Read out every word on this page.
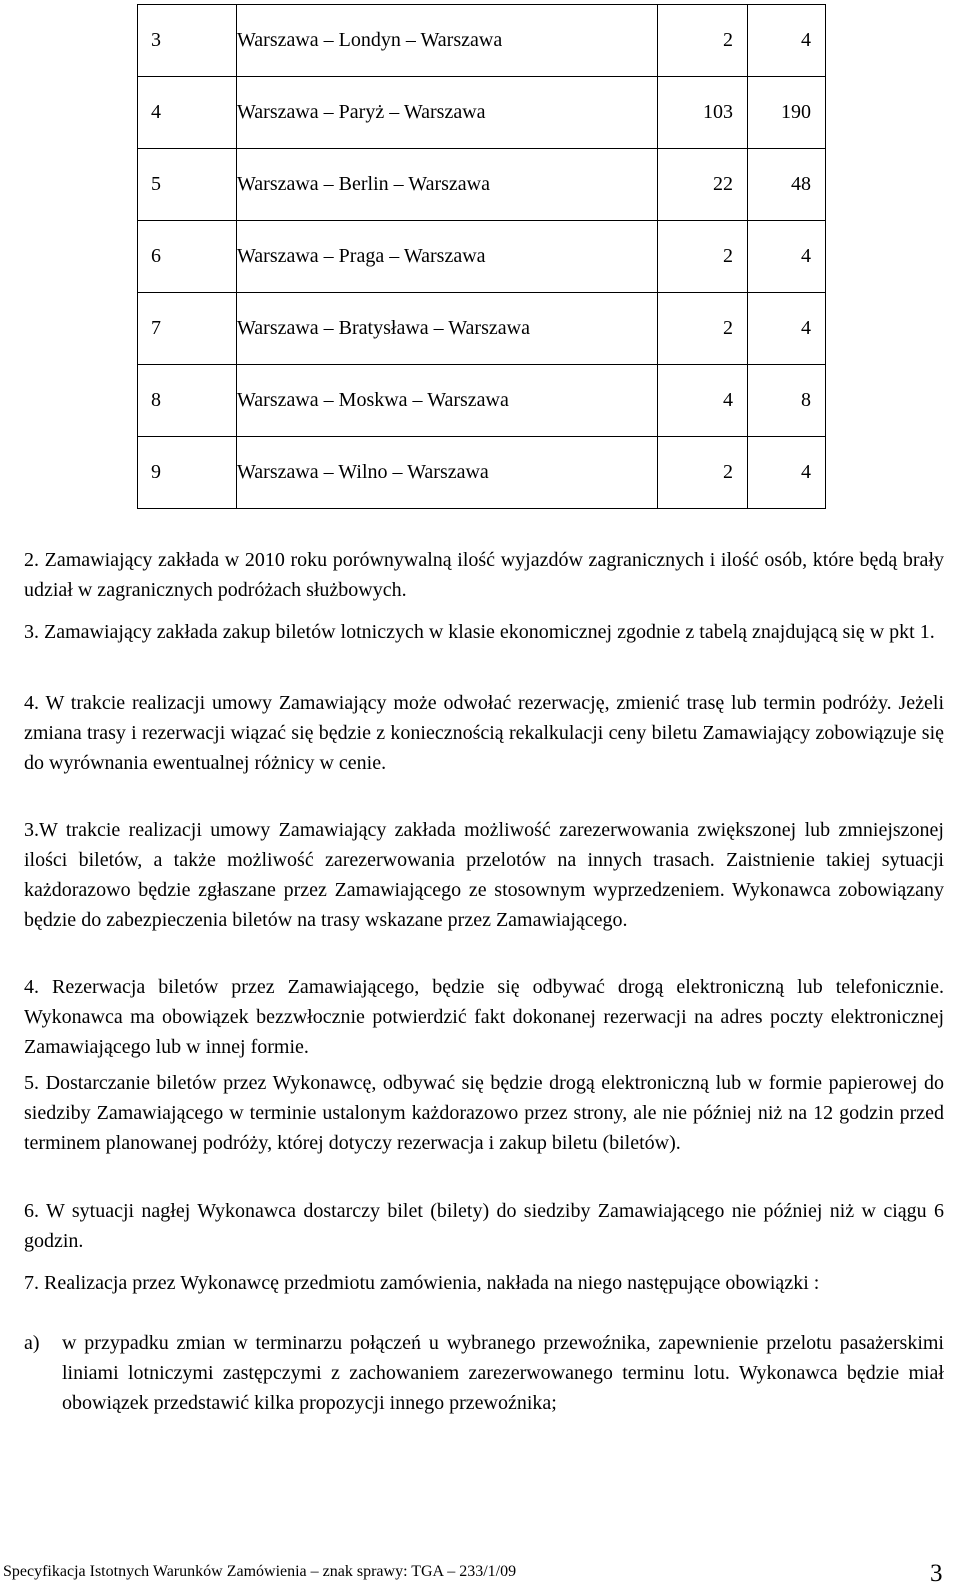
3	Warszawa – Londyn – Warszawa	2	4
4	Warszawa – Paryż – Warszawa	103	190
5	Warszawa – Berlin – Warszawa	22	48
6	Warszawa – Praga – Warszawa	2	4
7	Warszawa – Bratysława – Warszawa	2	4
8	Warszawa – Moskwa – Warszawa	4	8
9	Warszawa – Wilno – Warszawa	2	4

2. Zamawiający zakłada w 2010 roku porównywalną ilość wyjazdów zagranicznych i ilość osób, które będą brały udział w zagranicznych podróżach służbowych.

3. Zamawiający zakłada zakup biletów lotniczych w klasie ekonomicznej zgodnie z tabelą znajdującą się w pkt 1.

4. W trakcie realizacji umowy Zamawiający może odwołać rezerwację, zmienić trasę lub termin podróży. Jeżeli zmiana trasy i rezerwacji wiązać się będzie z koniecznością rekalkulacji ceny biletu Zamawiający zobowiązuje się do wyrównania ewentualnej różnicy w cenie.

3.W trakcie realizacji umowy Zamawiający zakłada możliwość zarezerwowania zwiększonej lub zmniejszonej ilości biletów, a także możliwość zarezerwowania przelotów na innych trasach. Zaistnienie takiej sytuacji każdorazowo będzie zgłaszane przez Zamawiającego ze stosownym wyprzedzeniem. Wykonawca zobowiązany będzie do zabezpieczenia biletów na trasy wskazane przez Zamawiającego.

4. Rezerwacja biletów przez Zamawiającego, będzie się odbywać drogą elektroniczną lub telefonicznie. Wykonawca ma obowiązek bezzwłocznie potwierdzić fakt dokonanej rezerwacji na adres poczty elektronicznej Zamawiającego lub w innej formie.

5. Dostarczanie biletów przez Wykonawcę, odbywać się będzie drogą elektroniczną lub w formie papierowej do siedziby Zamawiającego w terminie ustalonym każdorazowo przez strony, ale nie później niż na 12 godzin przed terminem planowanej podróży, której dotyczy rezerwacja i zakup biletu (biletów).

6. W sytuacji nagłej Wykonawca dostarczy bilet (bilety) do siedziby Zamawiającego nie później niż w ciągu 6 godzin.

7. Realizacja przez Wykonawcę przedmiotu zamówienia, nakłada na niego następujące obowiązki :

a) w przypadku zmian w terminarzu połączeń u wybranego przewoźnika, zapewnienie przelotu pasażerskimi liniami lotniczymi zastępczymi z zachowaniem zarezerwowanego terminu lotu. Wykonawca będzie miał obowiązek przedstawić kilka propozycji innego przewoźnika;
Specyfikacja Istotnych Warunków Zamówienia – znak sprawy: TGA – 233/1/09	3
